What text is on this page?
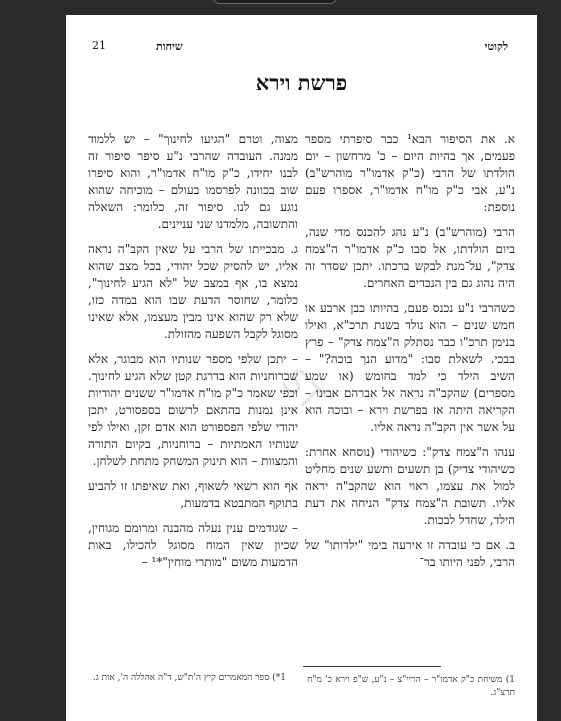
ST
21	שיחות	לקוטי
פרשת וירא

א. את הסיפור הבא¹ כבר סיפרתי מספר פעמים, אך בהיות היום – כ' מרחשון – יום הולדתו של הרבי (כ"ק אדמו"ר מוהרש"ב) נ"ע, אבי כ"ק מו"ח אדמו"ר, אספרו פעם נוספת:

הרבי (מוהרש"ב) נ"ע נהג להכנס מדי שנה, ביום הולדתו, אל סבו כ"ק אדמו"ר ה"צמח צדק", על־מנת לבקש ברכתו. יתכן שסדר זה היה נהוג גם בין הנכדים האחרים.

כשהרבי נ"ע נכנס פעם, בהיותו כבן ארבע או חמש שנים – הוא נולד בשנת תרכ"א, ואילו בנימן תרכ"ו כבר נסתלק ה"צמח צדק" – פרץ בבכי. לשאלת סבו: "מדוע הנך בוכה?" – השיב הילד כי למד בחומש (או שמע מספרים) שהקב"ה נראה אל אברהם אבינו – הקריאה היתה אז בפרשת וירא – ובוכה הוא על אשר אין הקב"ה נראה אליו.

ענהו ה"צמח צדק": כשיהודי (נוסחא אחרת: כשיהודי צדיק) בן תשעים ותשע שנים מחליט למול את עצמו, ראוי הוא שהקב"ה יראה אליו. תשובת ה"צמח צדק" הניחה את דעת הילד, שחדל לבכות.

ב. אם כי עובדה זו אירעה בימי "ילדותו" של הרבי, לפני היותו בר־

מצוה, וטרם "הגיעו לחינוך" – יש ללמוד ממנה. העובדה שהרבי נ"ע סיפר סיפור זה לבנו יחידו, כ"ק מו"ח אדמו"ר, והוא סיפרו שוב בכוונה לפרסמו בעולם – מוכיחה שהוא נוגע גם לנו. סיפור זה, כלומר: השאלה והתשובה, מלמדנו שני עניינים.

ג. מבכייתו של הרבי על שאין הקב"ה נראה אליו, יש להסיק שכל יהודי, בכל מצב שהוא נמצא בו, אף במצב של "לא הגיע לחינוך", כלומר, שחוסר הדעת שבו הוא במדה כזו, שלא רק שהוא אינו מבין מעצמו, אלא שאינו מסוגל לקבל השפעה מהזולת.

– יתכן שלפי מספר שנותיו הוא מבוגר, אלא שברוחניות הוא בדרגת קטן שלא הגיע לחינוך. וכפי שאמר כ"ק מו"ח אדמו"ר ששנים יהודיות אינן נמנות בהתאם לרשום בספסורט, יתכן יהודי שלפי הפספורט הוא אדם זקן, ואילו לפי שנותיו האמתיות – ברוחניות, בקיום התורה והמצוות – הוא תינוק המשחק מתחת לשלחן.

אף הוא רשאי לשאוף, ואת שאיפתו זו להביע בתוקף המתבטא בדמעות,

– שגודמים ענין נעלה מהבנה ומרומם מגוחין, שכיון שאין המוח מסוגל להכילו, באות הדמעות משום "מותרי מוחין"*¹ –

1) משיחת כ"ק אדמו"ר – הריי"צ – נ"ע, ש"פ וירא כ' מ"ח תרצ"ג.
1*) ספר המאמרים קיץ ה'ת"ש, ד"ה אהללה ה', אות ג.
